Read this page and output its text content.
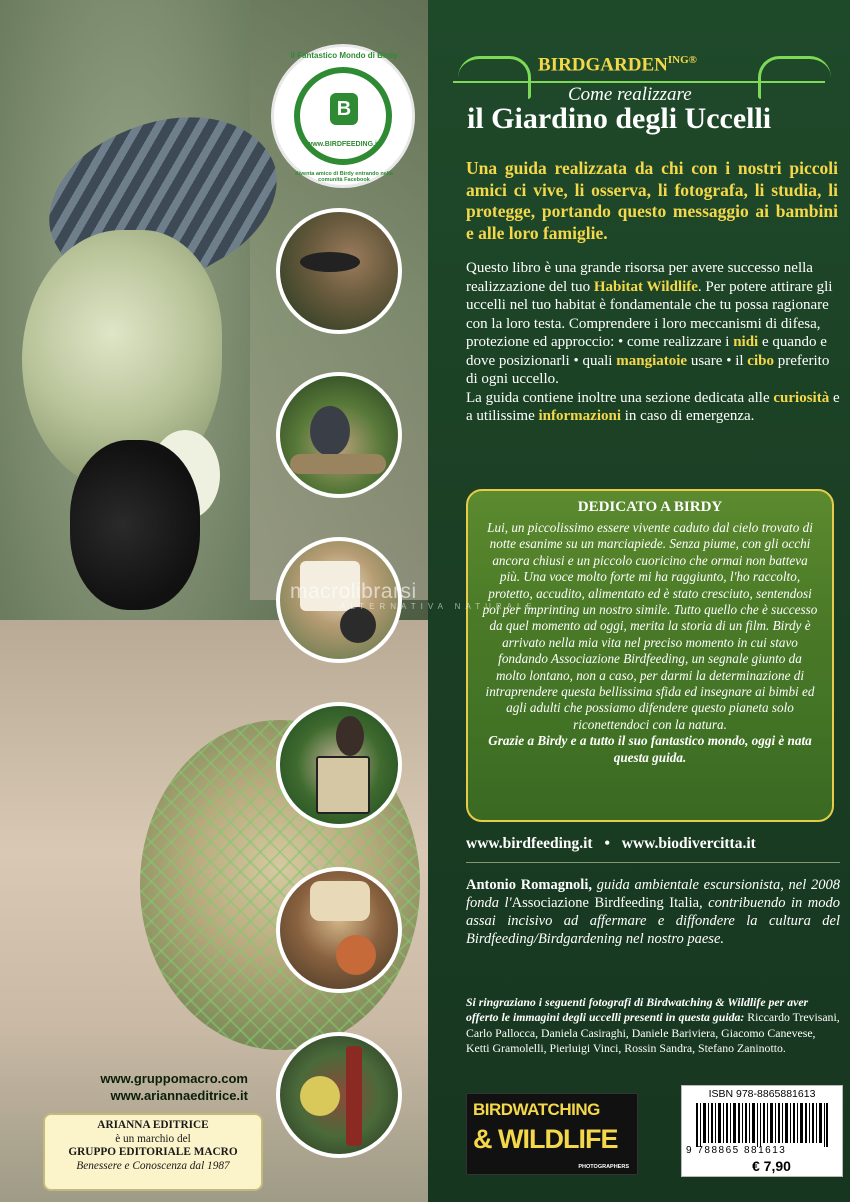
www.gruppomacro.com
www.ariannaeditrice.it
ARIANNA EDITRICE
è un marchio del
GRUPPO EDITORIALE MACRO
Benessere e Conoscenza dal 1987
il Fantastico Mondo di Birdy
B
www.BIRDFEEDING.it
diventa amico di Birdy entrando nella comunità Facebook
$BIRDGARDEN^{ING®}$
Come realizzare
il Giardino degli Uccelli
Una guida realizzata da chi con i nostri piccoli amici ci vive, li osserva, li fotografa, li studia, li protegge, portando questo messaggio ai bambini e alle loro famiglie.

Questo libro è una grande risorsa per avere successo nella realizzazione del tuo Habitat Wildlife. Per potere attirare gli uccelli nel tuo habitat è fondamentale che tu possa ragionare con la loro testa. Comprendere i loro meccanismi di difesa, protezione ed approccio: • come realizzare i nidi e quando e dove posizionarli • quali mangiatoie usare • il cibo preferito di ogni uccello.

La guida contiene inoltre una sezione dedicata alle curiosità e a utilissime informazioni in caso di emergenza.

DEDICATO A BIRDY

Lui, un piccolissimo essere vivente caduto dal cielo trovato di notte esanime su un marciapiede. Senza piume, con gli occhi ancora chiusi e un piccolo cuoricino che ormai non batteva più. Una voce molto forte mi ha raggiunto, l'ho raccolto, protetto, accudito, alimentato ed è stato cresciuto, sentendosi poi per imprinting un nostro simile. Tutto quello che è successo da quel momento ad oggi, merita la storia di un film. Birdy è arrivato nella mia vita nel preciso momento in cui stavo fondando Associazione Birdfeeding, un segnale giunto da molto lontano, non a caso, per darmi la determinazione di intraprendere questa bellissima sfida ed insegnare ai bimbi ed agli adulti che possiamo difendere questo pianeta solo riconettendoci con la natura.

Grazie a Birdy e a tutto il suo fantastico mondo, oggi è nata questa guida.

www.birdfeeding.it • www.biodivercitta.it
Antonio Romagnoli, guida ambientale escursionista, nel 2008 fonda l'Associazione Birdfeeding Italia, contribuendo in modo assai incisivo ad affermare e diffondere la cultura del Birdfeeding/Birdgardening nel nostro paese.
Si ringraziano i seguenti fotografi di Birdwatching & Wildlife per aver offerto le immagini degli uccelli presenti in questa guida: Riccardo Trevisani, Carlo Pallocca, Daniela Casiraghi, Daniele Bariviera, Giacomo Canevese, Ketti Gramolelli, Pierluigi Vinci, Rossin Sandra, Stefano Zaninotto.
BIRDWATCHING
& WILDLIFE
PHOTOGRAPHERS
ISBN 978-8865881613
9 788865 881613
€ 7,90
macrolibrarsi
ALTERNATIVA NATURALE
